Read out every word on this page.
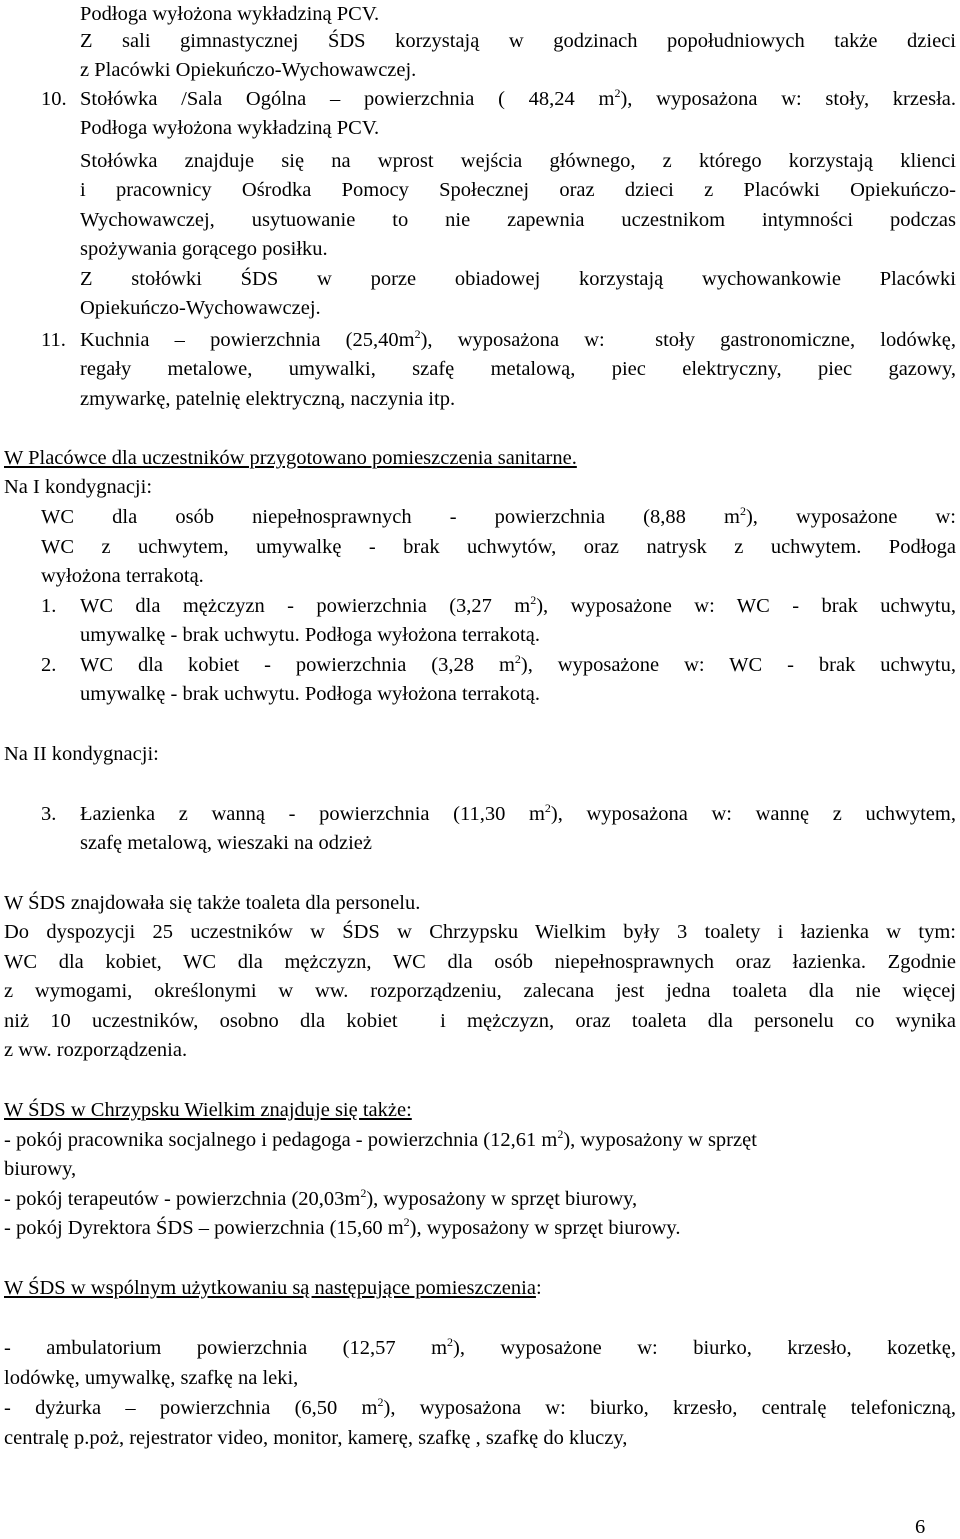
Podłoga wyłożona wykładziną PCV.
Z sali gimnastycznej ŚDS korzystają w godzinach popołudniowych także dzieci
z Placówki Opiekuńczo-Wychowawczej.
10. Stołówka /Sala Ogólna – powierzchnia ( 48,24 $m^2$), wyposażona w: stoły, krzesła.
Podłoga wyłożona wykładziną PCV.
Stołówka znajduje się na wprost wejścia głównego, z którego korzystają klienci
i pracownicy Ośrodka Pomocy Społecznej oraz dzieci z Placówki Opiekuńczo-
Wychowawczej, usytuowanie to nie zapewnia uczestnikom intymności podczas
spożywania gorącego posiłku.
Z stołówki ŚDS w porze obiadowej korzystają wychowankowie Placówki
Opiekuńczo-Wychowawczej.
11. Kuchnia – powierzchnia $(25,40m^2)$, wyposażona w:  stoły gastronomiczne, lodówkę,
regały metalowe, umywalki, szafę metalową, piec elektryczny, piec gazowy,
zmywarkę, patelnię elektryczną, naczynia itp.
W Placówce dla uczestników przygotowano pomieszczenia sanitarne.
Na I kondygnacji:
WC dla osób niepełnosprawnych - powierzchnia (8,88 $m^2$), wyposażone w:
WC z uchwytem, umywalkę - brak uchwytów, oraz natrysk z uchwytem. Podłoga
wyłożona terrakotą.
1. WC dla mężczyzn - powierzchnia (3,27 $m^2$), wyposażone w: WC - brak uchwytu,
umywalkę - brak uchwytu. Podłoga wyłożona terrakotą.
2. WC dla kobiet - powierzchnia (3,28 $m^2$), wyposażone w: WC - brak uchwytu,
umywalkę - brak uchwytu. Podłoga wyłożona terrakotą.
Na II kondygnacji:
3. Łazienka z wanną - powierzchnia (11,30 $m^2$), wyposażona w: wannę z uchwytem,
szafę metalową, wieszaki na odzież
W ŚDS znajdowała się także toaleta dla personelu.
Do dyspozycji 25 uczestników w ŚDS w Chrzypsku Wielkim były 3 toalety i łazienka w tym:
WC dla kobiet, WC dla mężczyzn, WC dla osób niepełnosprawnych oraz łazienka. Zgodnie
z wymogami, określonymi w ww. rozporządzeniu, zalecana jest jedna toaleta dla nie więcej
niż 10 uczestników, osobno dla kobiet  i mężczyzn, oraz toaleta dla personelu co wynika
z ww. rozporządzenia.
W ŚDS w Chrzypsku Wielkim znajduje się także:
- pokój pracownika socjalnego i pedagoga - powierzchnia (12,61 $m^2$), wyposażony w sprzęt
biurowy,
- pokój terapeutów - powierzchnia $(20,03m^2)$, wyposażony w sprzęt biurowy,
- pokój Dyrektora ŚDS – powierzchnia (15,60 $m^2$), wyposażony w sprzęt biurowy.
W ŚDS w wspólnym użytkowaniu są następujące pomieszczenia:
- ambulatorium powierzchnia (12,57 $m^2$), wyposażone w: biurko, krzesło, kozetkę,
lodówkę, umywalkę, szafkę na leki,
- dyżurka – powierzchnia (6,50 $m^2$), wyposażona w: biurko, krzesło, centralę telefoniczną,
centralę p.poż, rejestrator video, monitor, kamerę, szafkę , szafkę do kluczy,
6
